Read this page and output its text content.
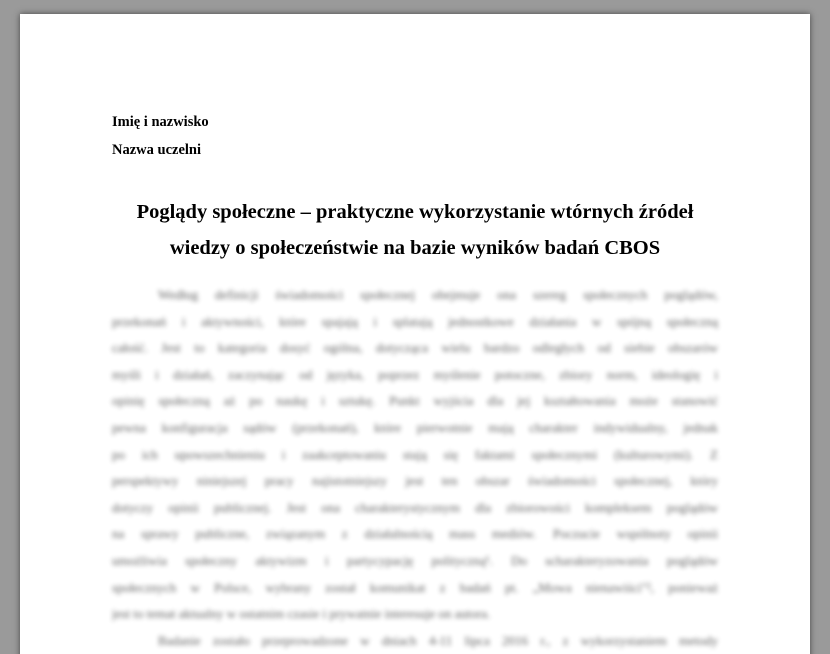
Imię i nazwisko
Nazwa uczelni
Poglądy społeczne – praktyczne wykorzystanie wtórnych źródeł
wiedzy o społeczeństwie na bazie wyników badań CBOS
Według definicji świadomości społecznej obejmuje ona szereg społecznych poglądów,
przekonań i aktywności, które spajają i splatają jednostkowe działania w spójną społeczną
całość. Jest to kategoria dosyć ogólna, dotycząca wielu bardzo odległych od siebie obszarów
myśli i działań, zaczynając od języka, poprzez myślenie potoczne, zbiory norm, ideologię i
opinię społeczną aż po naukę i sztukę. Punkt wyjścia dla jej kształtowania może stanowić
pewna konfiguracja sądów (przekonań), które pierwotnie mają charakter indywidualny, jednak
po ich upowszechnieniu i zaakceptowaniu stają się faktami społecznymi (kulturowymi). Z
perspektywy niniejszej pracy najistotniejszy jest ten obszar świadomości społecznej, który
dotyczy opinii publicznej. Jest ona charakterystycznym dla zbiorowości kompleksem poglądów
na sprawy publiczne, związanym z działalnością mass mediów. Poczucie wspólnoty opinii
umożliwia społeczny aktywizm i partycypację polityczną¹. Do scharakteryzowania poglądów
społecznych w Polsce, wybrany został komunikat z badań pt. „Mowa nienawiści"², ponieważ
jest to temat aktualny w ostatnim czasie i prywatnie interesuje on autora.
Badanie zostało przeprowadzone w dniach 4-11 lipca 2016 r., z wykorzystaniem metody
